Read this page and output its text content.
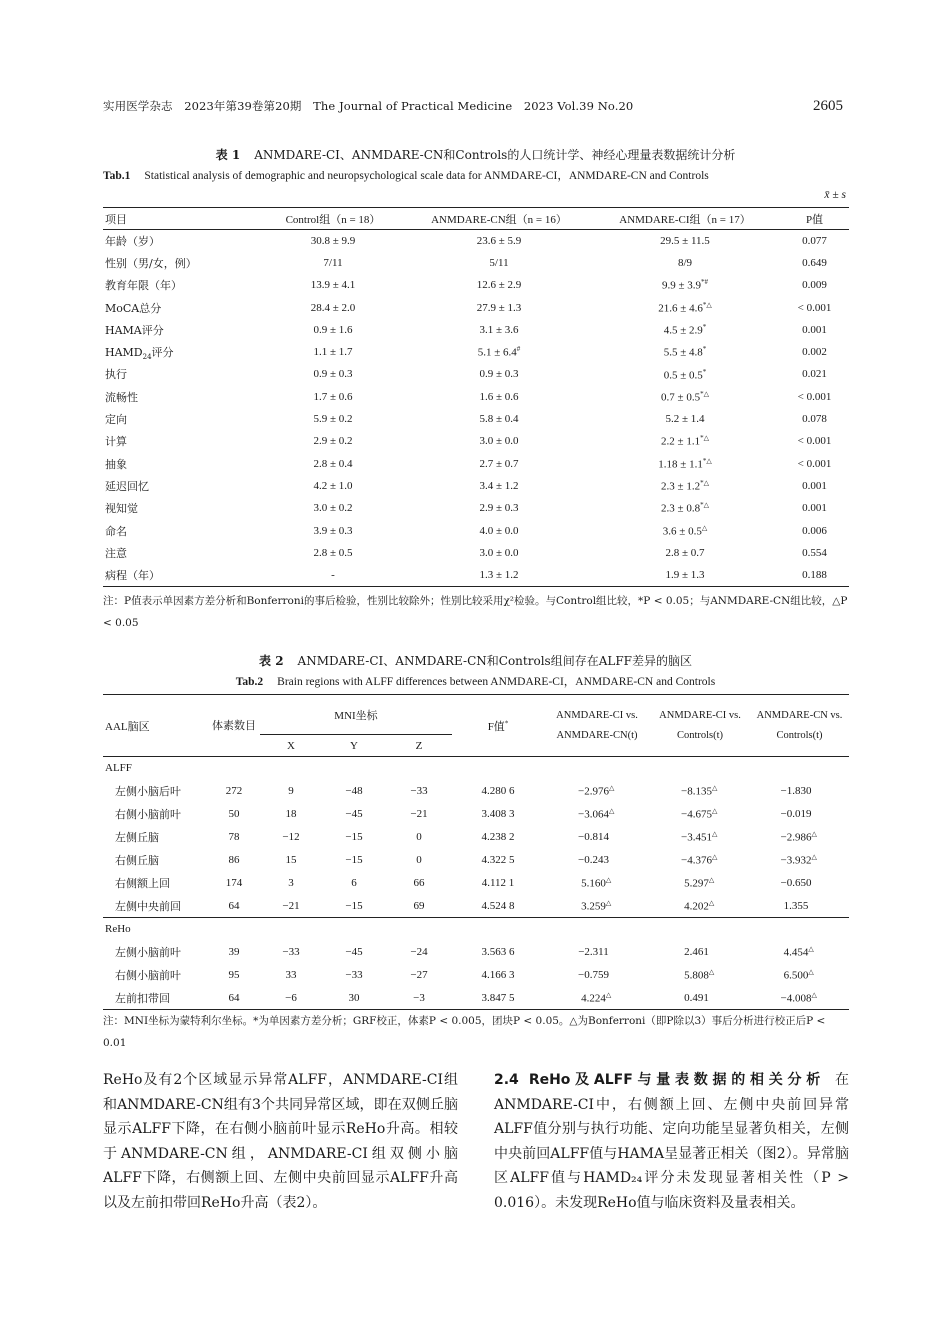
实用医学杂志　2023年第39卷第20期　The Journal of Practical Medicine　2023 Vol.39 No.20	2605
表 1 ANMDARE-CI、ANMDARE-CN和Controls的人口统计学、神经心理量表数据统计分析
Tab.1 Statistical analysis of demographic and neuropsychological scale data for ANMDARE-CI，ANMDARE-CN and Controls
x̄ ± s
项目	Control组（n = 18）	ANMDARE-CN组（n = 16）	ANMDARE-CI组（n = 17）	P值
年龄（岁）	30.8 ± 9.9	23.6 ± 5.9	29.5 ± 11.5	0.077
性别（男/女，例）	7/11	5/11	8/9	0.649
教育年限（年）	13.9 ± 4.1	12.6 ± 2.9	9.9 ± 3.9*#	0.009
MoCA总分	28.4 ± 2.0	27.9 ± 1.3	21.6 ± 4.6*△	< 0.001
HAMA评分	0.9 ± 1.6	3.1 ± 3.6	4.5 ± 2.9*	0.001
$HAMD_{24}$评分	1.1 ± 1.7	5.1 ± 6.4#	5.5 ± 4.8*	0.002
执行	0.9 ± 0.3	0.9 ± 0.3	0.5 ± 0.5*	0.021
流畅性	1.7 ± 0.6	1.6 ± 0.6	0.7 ± 0.5*△	< 0.001
定向	5.9 ± 0.2	5.8 ± 0.4	5.2 ± 1.4	0.078
计算	2.9 ± 0.2	3.0 ± 0.0	2.2 ± 1.1*△	< 0.001
抽象	2.8 ± 0.4	2.7 ± 0.7	1.18 ± 1.1*△	< 0.001
延迟回忆	4.2 ± 1.0	3.4 ± 1.2	2.3 ± 1.2*△	0.001
视知觉	3.0 ± 0.2	2.9 ± 0.3	2.3 ± 0.8*△	0.001
命名	3.9 ± 0.3	4.0 ± 0.0	3.6 ± 0.5△	0.006
注意	2.8 ± 0.5	3.0 ± 0.0	2.8 ± 0.7	0.554
病程（年）	-	1.3 ± 1.2	1.9 ± 1.3	0.188
注：P值表示单因素方差分析和Bonferroni的事后检验，性别比较除外；性别比较采用χ²检验。与Control组比较，*P < 0.05；与ANMDARE-CN组比较，△P < 0.05
表 2 ANMDARE-CI、ANMDARE-CN和Controls组间存在ALFF差异的脑区
Tab.2 Brain regions with ALFF differences between ANMDARE-CI，ANMDARE-CN and Controls
AAL脑区	体素数目	MNI坐标			F值*	ANMDARE-CI vs. ANMDARE-CN(t)	ANMDARE-CI vs. Controls(t)	ANMDARE-CN vs. Controls(t)
		X	Y	Z				
ALFF								
左侧小脑后叶	272	9	−48	−33	4.280 6	−2.976△	−8.135△	−1.830
右侧小脑前叶	50	18	−45	−21	3.408 3	−3.064△	−4.675△	−0.019
左侧丘脑	78	−12	−15	0	4.238 2	−0.814	−3.451△	−2.986△
右侧丘脑	86	15	−15	0	4.322 5	−0.243	−4.376△	−3.932△
右侧额上回	174	3	6	66	4.112 1	5.160△	5.297△	−0.650
左侧中央前回	64	−21	−15	69	4.524 8	3.259△	4.202△	1.355
ReHo								
左侧小脑前叶	39	−33	−45	−24	3.563 6	−2.311	2.461	4.454△
右侧小脑前叶	95	33	−33	−27	4.166 3	−0.759	5.808△	6.500△
左前扣带回	64	−6	30	−3	3.847 5	4.224△	0.491	−4.008△
注：MNI坐标为蒙特利尔坐标。*为单因素方差分析；GRF校正，体素P < 0.005，团块P < 0.05。△为Bonferroni（即P除以3）事后分析进行校正后P < 0.01
ReHo及有2个区域显示异常ALFF，ANMDARE-CI组和ANMDARE-CN组有3个共同异常区域，即在双侧丘脑显示ALFF下降，在右侧小脑前叶显示ReHo升高。相较于ANMDARE-CN组，ANMDARE-CI组双侧小脑ALFF下降，右侧额上回、左侧中央前回显示ALFF升高以及左前扣带回ReHo升高（表2）。
2.4 ReHo及ALFF与量表数据的相关分析 在ANMDARE-CI中，右侧额上回、左侧中央前回异常ALFF值分别与执行功能、定向功能呈显著负相关，左侧中央前回ALFF值与HAMA呈显著正相关（图2）。异常脑区ALFF值与HAMD₂₄评分未发现显著相关性（P > 0.016）。未发现ReHo值与临床资料及量表相关。
